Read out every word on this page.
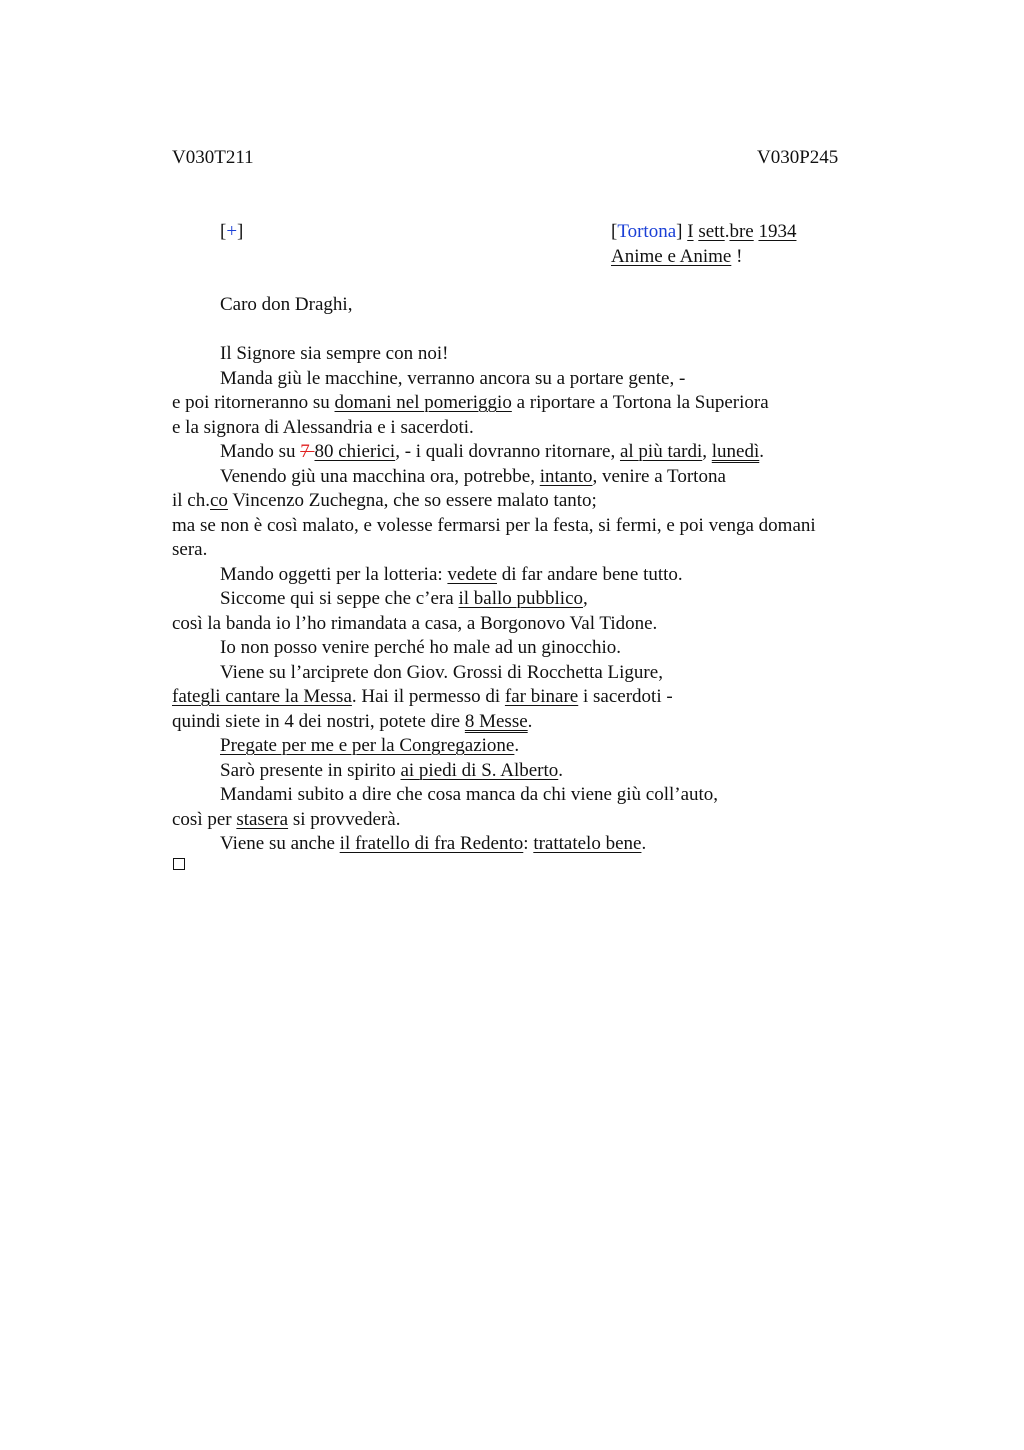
V030T211	V030P245
[+]	[Tortona] I sett.bre 1934
Anime e Anime !
Caro don Draghi,
Il Signore sia sempre con noi!
Manda giù le macchine, verranno ancora su a portare gente, -
e poi ritorneranno su domani nel pomeriggio a riportare a Tortona la Superiora
e la signora di Alessandria e i sacerdoti.
Mando su 7 80 chierici, - i quali dovranno ritornare, al più tardi, lunedì.
Venendo giù una macchina ora, potrebbe, intanto, venire a Tortona
il ch.co Vincenzo Zuchegna, che so essere malato tanto;
ma se non è così malato, e volesse fermarsi per la festa, si fermi, e poi venga domani
sera.
Mando oggetti per la lotteria: vedete di far andare bene tutto.
Siccome qui si seppe che c’era il ballo pubblico,
così la banda io l’ho rimandata a casa, a Borgonovo Val Tidone.
Io non posso venire perché ho male ad un ginocchio.
Viene su l’arciprete don Giov. Grossi di Rocchetta Ligure,
fategli cantare la Messa. Hai il permesso di far binare i sacerdoti -
quindi siete in 4 dei nostri, potete dire 8 Messe.
Pregate per me e per la Congregazione.
Sarò presente in spirito ai piedi di S. Alberto.
Mandami subito a dire che cosa manca da chi viene giù coll’auto,
così per stasera si provvederà.
Viene su anche il fratello di fra Redento: trattatelo bene.
